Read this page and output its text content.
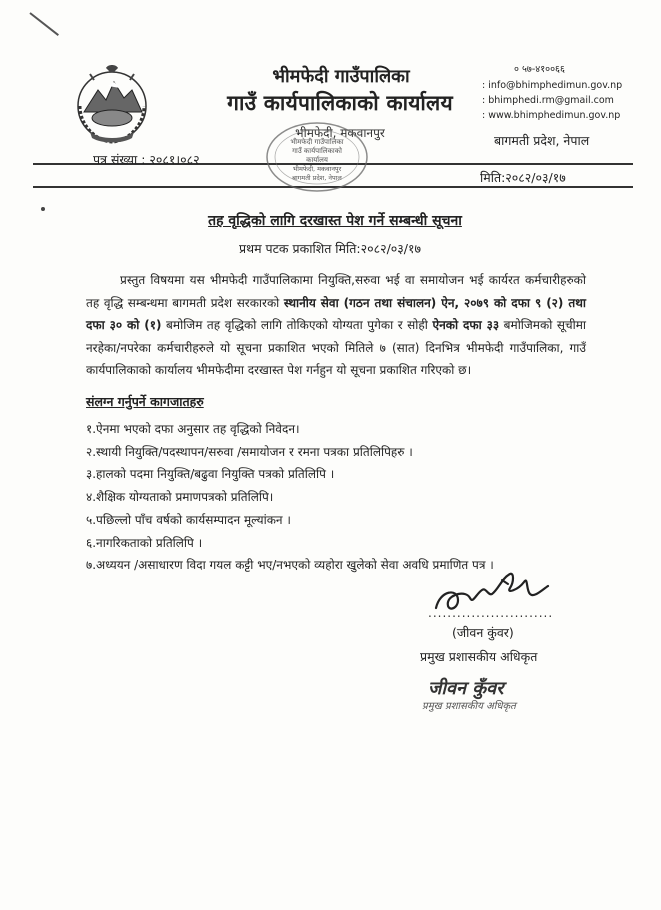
भीमफेदी गाउँपालिका
गाउँ कार्यपालिकाको कार्यालय
भीमफेदी, मकवानपुर
० ५७-४१००६६
: info@bhimphedimun.gov.np
: bhimphedi.rm@gmail.com
: www.bhimphedimun.gov.np
बागमती प्रदेश, नेपाल
पत्र संख्या : २०८१।०८२
मिति:२०८२/०३/१७
भीमफेदी गाउँपालिका
गाउँ कार्यपालिकाको
कार्यालय
भीमफेदी, मकवानपुर
बागमती प्रदेश, नेपाल
तह वृद्धिको लागि दरखास्त पेश गर्ने सम्बन्धी सूचना
प्रथम पटक प्रकाशित मिति:२०८२/०३/१७
प्रस्तुत विषयमा यस भीमफेदी गाउँपालिकामा नियुक्ति,सरुवा भई वा समायोजन भई कार्यरत कर्मचारीहरुको तह वृद्धि सम्बन्धमा बागमती प्रदेश सरकारको स्थानीय सेवा (गठन तथा संचालन) ऐन, २०७९ को दफा ९ (२) तथा दफा ३० को (१) बमोजिम तह वृद्धिको लागि तोकिएको योग्यता पुगेका र सोही ऐनको दफा ३३ बमोजिमको सूचीमा नरहेका/नपरेका कर्मचारीहरुले यो सूचना प्रकाशित भएको मितिले ७ (सात) दिनभित्र भीमफेदी गाउँपालिका, गाउँ कार्यपालिकाको कार्यालय भीमफेदीमा दरखास्त पेश गर्नहुन यो सूचना प्रकाशित गरिएको छ।
संलग्न गर्नुपर्ने कागजातहरु
१.ऐनमा भएको दफा अनुसार तह वृद्धिको निवेदन।
२.स्थायी नियुक्ति/पदस्थापन/सरुवा /समायोजन र रमना पत्रका प्रतिलिपिहरु ।
३.हालको पदमा नियुक्ति/बढुवा नियुक्ति पत्रको प्रतिलिपि ।
४.शैक्षिक योग्यताको प्रमाणपत्रको प्रतिलिपि।
५.पछिल्लो पाँच वर्षको कार्यसम्पादन मूल्यांकन ।
६.नागरिकताको प्रतिलिपि ।
७.अध्ययन /असाधारण विदा गयल कट्टी भए/नभएको व्यहोरा खुलेको सेवा अवधि प्रमाणित पत्र ।
..........................
(जीवन कुंवर)
प्रमुख प्रशासकीय अधिकृत
जीवन कुँवर
प्रमुख प्रशासकीय अधिकृत
